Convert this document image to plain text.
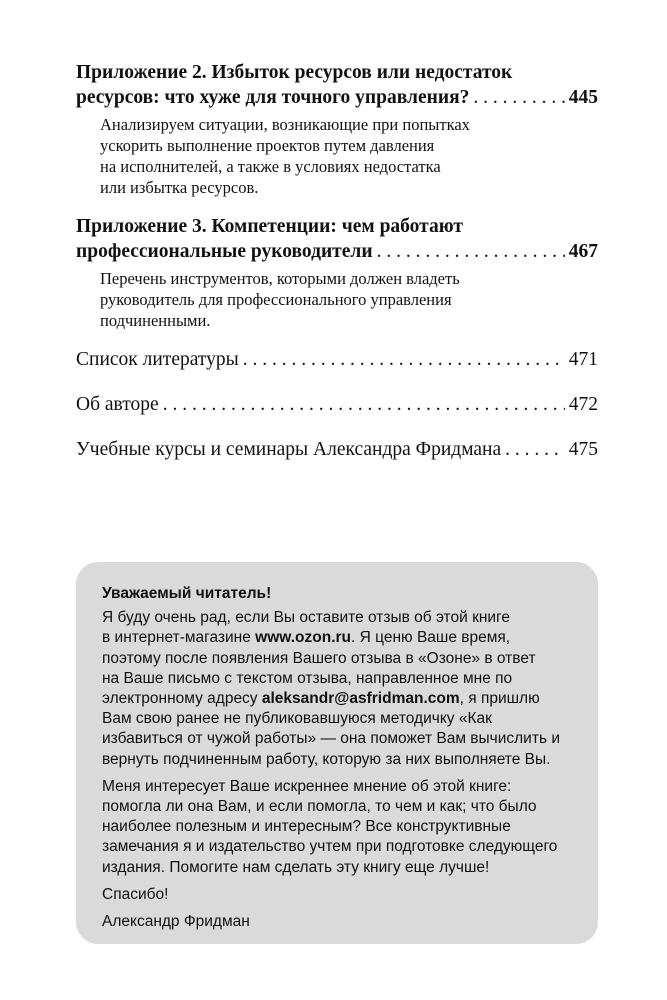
Приложение 2. Избыток ресурсов или недостаток
ресурсов: что хуже для точного управления? . . .	445
Анализируем ситуации, возникающие при попытках
ускорить выполнение проектов путем давления
на исполнителей, а также в условиях недостатка
или избытка ресурсов.
Приложение 3. Компетенции: чем работают
профессиональные руководители . . .	467
Перечень инструментов, которыми должен владеть
руководитель для профессионального управления
подчиненными.
Список литературы . . .	471
Об авторе . . .	472
Учебные курсы и семинары Александра Фридмана . . .	475
Уважаемый читатель!
Я буду очень рад, если Вы оставите отзыв об этой книге
в интернет-магазине www.ozon.ru. Я ценю Ваше время,
поэтому после появления Вашего отзыва в «Озоне» в ответ
на Ваше письмо с текстом отзыва, направленное мне по
электронному адресу aleksandr@asfridman.com, я пришлю
Вам свою ранее не публиковавшуюся методичку «Как
избавиться от чужой работы» — она поможет Вам вычислить и
вернуть подчиненным работу, которую за них выполняете Вы.
Меня интересует Ваше искреннее мнение об этой книге:
помогла ли она Вам, и если помогла, то чем и как; что было
наиболее полезным и интересным? Все конструктивные
замечания я и издательство учтем при подготовке следующего
издания. Помогите нам сделать эту книгу еще лучше!
Спасибо!
Александр Фридман
